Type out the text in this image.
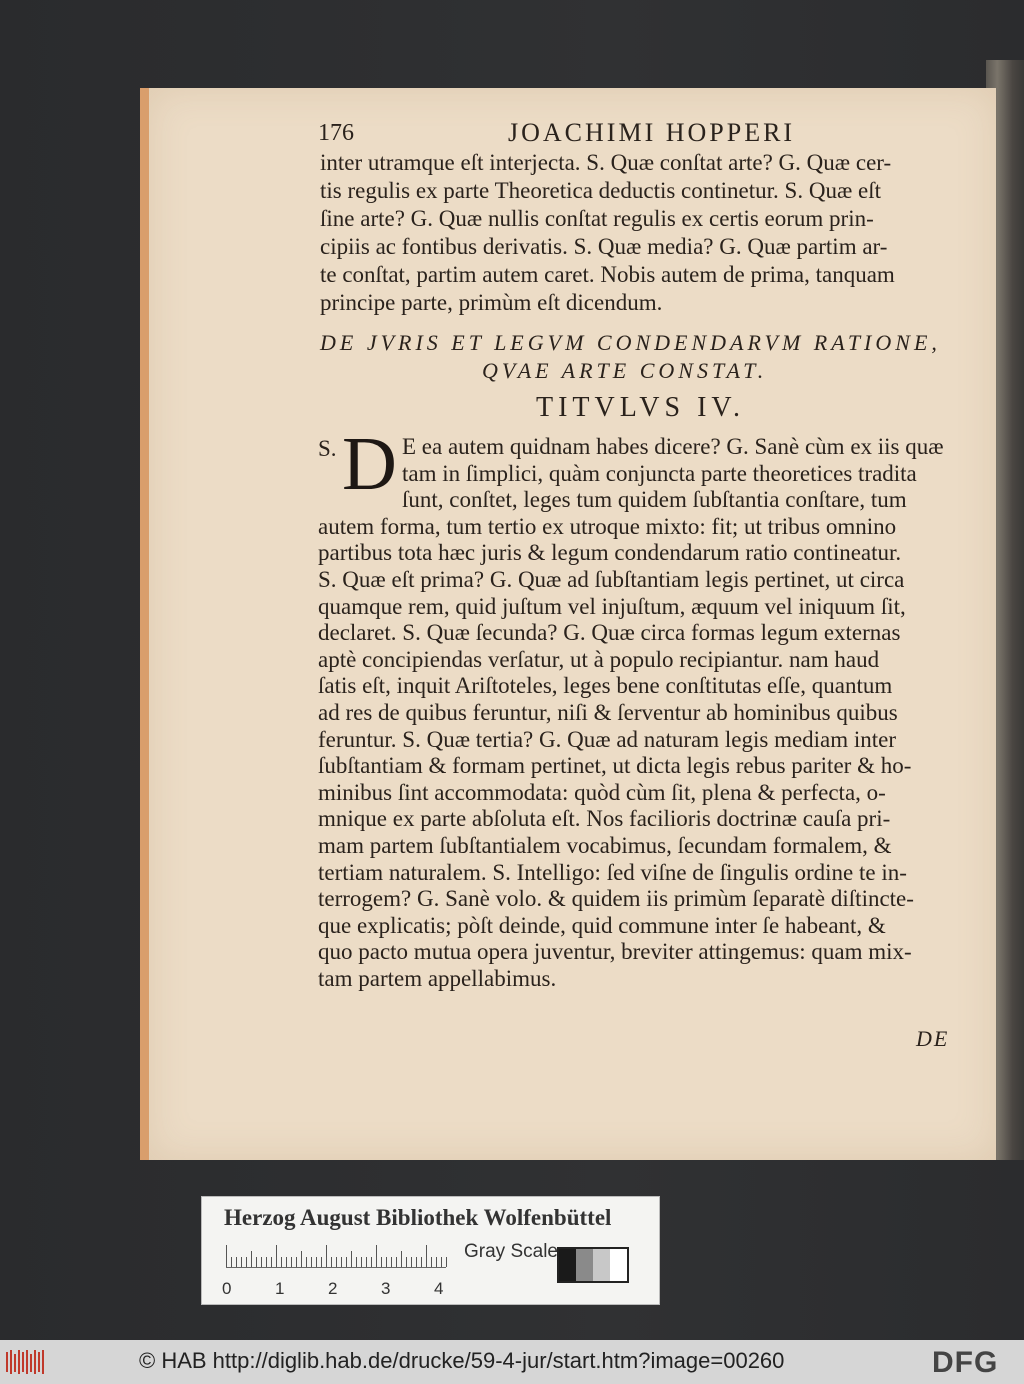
176	JOACHIMI HOPPERI
inter utramque eſt interjecta. S. Quæ conſtat arte? G. Quæ cer-
tis regulis ex parte Theoretica deductis continetur. S. Quæ eſt
ſine arte? G. Quæ nullis conſtat regulis ex certis eorum prin-
cipiis ac fontibus derivatis. S. Quæ media? G. Quæ partim ar-
te conſtat, partim autem caret. Nobis autem de prima, tanquam
principe parte, primùm eſt dicendum.
DE JVRIS ET LEGVM CONDENDARVM RATIONE,
QVAE ARTE CONSTAT.
TITVLVS IV.
S. D E ea autem quidnam habes dicere? G. Sanè cùm ex iis quæ
tam in ſimplici, quàm conjuncta parte theoretices tradita
ſunt, conſtet, leges tum quidem ſubſtantia conſtare, tum
autem forma, tum tertio ex utroque mixto: fit; ut tribus omnino
partibus tota hæc juris & legum condendarum ratio contineatur.
S. Quæ eſt prima? G. Quæ ad ſubſtantiam legis pertinet, ut circa
quamque rem, quid juſtum vel injuſtum, æquum vel iniquum ſit,
declaret. S. Quæ ſecunda? G. Quæ circa formas legum externas
aptè concipiendas verſatur, ut à populo recipiantur. nam haud
ſatis eſt, inquit Ariſtoteles, leges bene conſtitutas eſſe, quantum
ad res de quibus feruntur, niſi & ſerventur ab hominibus quibus
feruntur. S. Quæ tertia? G. Quæ ad naturam legis mediam inter
ſubſtantiam & formam pertinet, ut dicta legis rebus pariter & ho-
minibus ſint accommodata: quòd cùm ſit, plena & perfecta, o-
mnique ex parte abſoluta eſt. Nos facilioris doctrinæ cauſa pri-
mam partem ſubſtantialem vocabimus, ſecundam formalem, &
tertiam naturalem. S. Intelligo: ſed viſne de ſingulis ordine te in-
terrogem? G. Sanè volo. & quidem iis primùm ſeparatè diſtincte-
que explicatis; pòſt deinde, quid commune inter ſe habeant, &
quo pacto mutua opera juventur, breviter attingemus: quam mix-
tam partem appellabimus.
DE
Herzog August Bibliothek Wolfenbüttel
0	1	2	3	4
Gray Scale
© HAB http://diglib.hab.de/drucke/59-4-jur/start.htm?image=00260	DFG
